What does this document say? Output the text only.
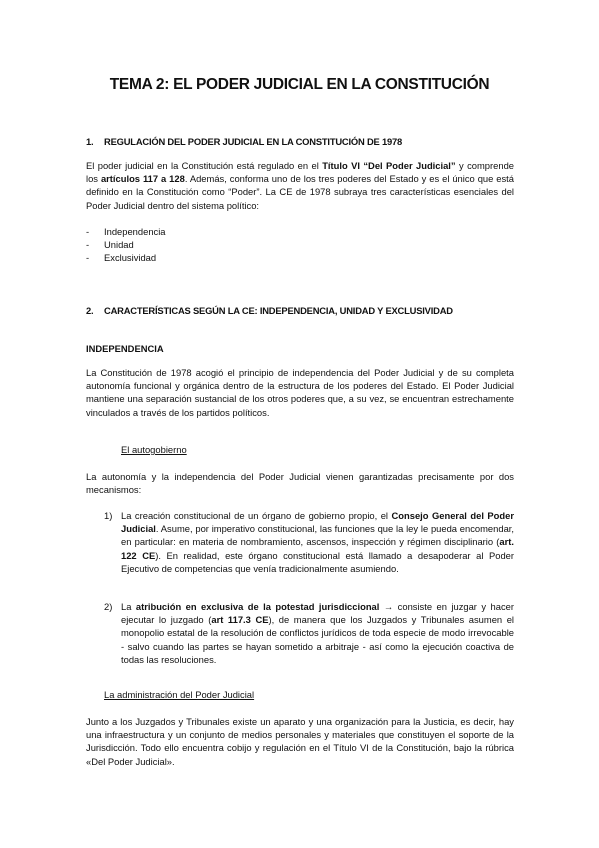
TEMA 2: EL PODER JUDICIAL EN LA CONSTITUCIÓN
1. REGULACIÓN DEL PODER JUDICIAL EN LA CONSTITUCIÓN DE 1978
El poder judicial en la Constitución está regulado en el Título VI “Del Poder Judicial” y comprende los artículos 117 a 128. Además, conforma uno de los tres poderes del Estado y es el único que está definido en la Constitución como “Poder”. La CE de 1978 subraya tres características esenciales del Poder Judicial dentro del sistema político:
- Independencia
- Unidad
- Exclusividad
2. CARACTERÍSTICAS SEGÚN LA CE: INDEPENDENCIA, UNIDAD Y EXCLUSIVIDAD
INDEPENDENCIA
La Constitución de 1978 acogió el principio de independencia del Poder Judicial y de su completa autonomía funcional y orgánica dentro de la estructura de los poderes del Estado. El Poder Judicial mantiene una separación sustancial de los otros poderes que, a su vez, se encuentran estrechamente vinculados a través de los partidos políticos.
El autogobierno
La autonomía y la independencia del Poder Judicial vienen garantizadas precisamente por dos mecanismos:
1) La creación constitucional de un órgano de gobierno propio, el Consejo General del Poder Judicial. Asume, por imperativo constitucional, las funciones que la ley le pueda encomendar, en particular: en materia de nombramiento, ascensos, inspección y régimen disciplinario (art. 122 CE). En realidad, este órgano constitucional está llamado a desapoderar al Poder Ejecutivo de competencias que venía tradicionalmente asumiendo.
2) La atribución en exclusiva de la potestad jurisdiccional → consiste en juzgar y hacer ejecutar lo juzgado (art 117.3 CE), de manera que los Juzgados y Tribunales asumen el monopolio estatal de la resolución de conflictos jurídicos de toda especie de modo irrevocable - salvo cuando las partes se hayan sometido a arbitraje - así como la ejecución coactiva de todas las resoluciones.
La administración del Poder Judicial
Junto a los Juzgados y Tribunales existe un aparato y una organización para la Justicia, es decir, hay una infraestructura y un conjunto de medios personales y materiales que constituyen el soporte de la Jurisdicción. Todo ello encuentra cobijo y regulación en el Título VI de la Constitución, bajo la rúbrica «Del Poder Judicial».
